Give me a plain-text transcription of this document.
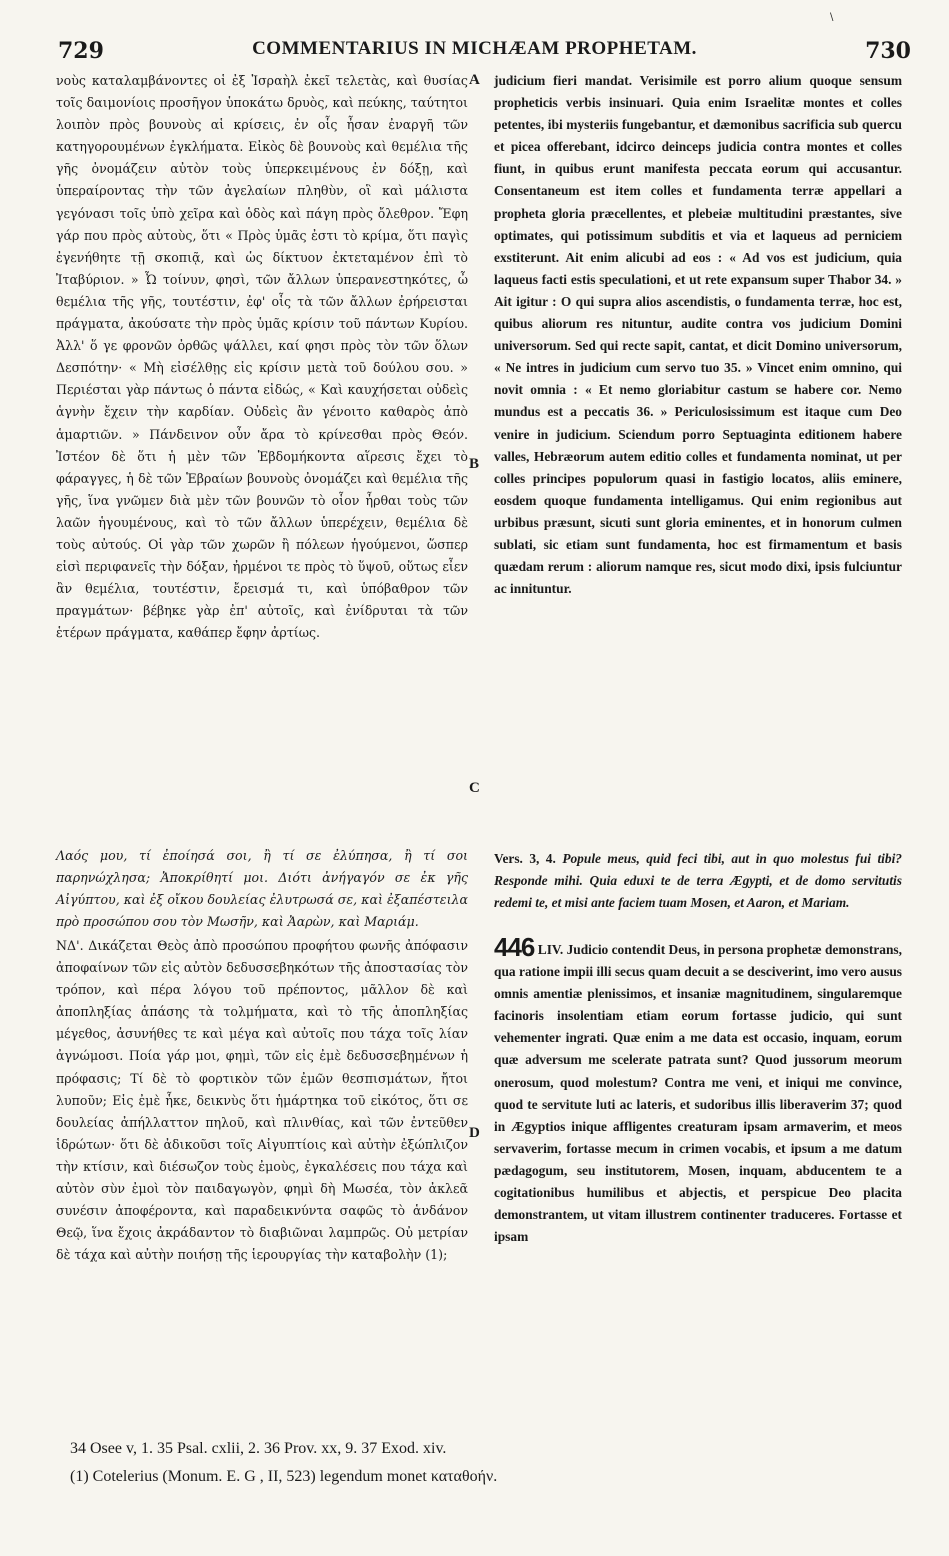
729	COMMENTARIUS IN MICHÆAM PROPHETAM.	730
\

νοὺς καταλαμβάνοντες οἱ ἐξ Ἰσραὴλ ἐκεῖ τελετὰς, καὶ θυσίας τοῖς δαιμονίοις προσῆγον ὑποκάτω δρυὸς, καὶ πεύκης, ταύτητοι λοιπὸν πρὸς βουνοὺς αἱ κρίσεις, ἐν οἷς ἦσαν ἐναργῆ τῶν κατηγορουμένων ἐγκλήματα. Εἰκὸς δὲ βουνοὺς καὶ θεμέλια τῆς γῆς ὀνομάζειν αὐτὸν τοὺς ὑπερκειμένους ἐν δόξῃ, καὶ ὑπεραίροντας τὴν τῶν ἀγελαίων πληθὺν, οἳ καὶ μάλιστα γεγόνασι τοῖς ὑπὸ χεῖρα καὶ ὁδὸς καὶ πάγη πρὸς ὄλεθρον. Ἔφη γάρ που πρὸς αὐτοὺς, ὅτι « Πρὸς ὑμᾶς ἐστι τὸ κρίμα, ὅτι παγὶς ἐγενήθητε τῇ σκοπιᾷ, καὶ ὡς δίκτυον ἐκτεταμένον ἐπὶ τὸ Ἰταβύριον. » Ὦ τοίνυν, φησὶ, τῶν ἄλλων ὑπερανεστηκότες, ὦ θεμέλια τῆς γῆς, τουτέστιν, ἐφ' οἷς τὰ τῶν ἄλλων ἐρήρεισται πράγματα, ἀκούσατε τὴν πρὸς ὑμᾶς κρίσιν τοῦ πάντων Κυρίου. Ἀλλ' ὅ γε φρονῶν ὀρθῶς ψάλλει, καί φησι πρὸς τὸν τῶν ὅλων Δεσπότην· « Μὴ εἰσέλθῃς εἰς κρίσιν μετὰ τοῦ δούλου σου. » Περιέσται γὰρ πάντως ὁ πάντα εἰδώς, « Καὶ καυχήσεται οὐδεὶς ἁγνὴν ἔχειν τὴν καρδίαν. Οὐδεὶς ἂν γένοιτο καθαρὸς ἀπὸ ἁμαρτιῶν. » Πάνδεινον οὖν ἄρα τὸ κρίνεσθαι πρὸς Θεόν. Ἰστέον δὲ ὅτι ἡ μὲν τῶν Ἑβδομήκοντα αἵρεσις ἔχει τὸ φάραγγες, ἡ δὲ τῶν Ἑβραίων βουνοὺς ὀνομάζει καὶ θεμέλια τῆς γῆς, ἵνα γνῶμεν διὰ μὲν τῶν βουνῶν τὸ οἷον ἦρθαι τοὺς τῶν λαῶν ἡγουμένους, καὶ τὸ τῶν ἄλλων ὑπερέχειν, θεμέλια δὲ τοὺς αὐτούς. Οἱ γὰρ τῶν χωρῶν ἢ πόλεων ἡγούμενοι, ὥσπερ εἰσὶ περιφανεῖς τὴν δόξαν, ἠρμένοι τε πρὸς τὸ ὕψοῦ, οὕτως εἶεν ἂν θεμέλια, τουτέστιν, ἔρεισμά τι, καὶ ὑπόβαθρον τῶν πραγμάτων· βέβηκε γὰρ ἐπ' αὐτοῖς, καὶ ἐνίδρυται τὰ τῶν ἑτέρων πράγματα, καθάπερ ἔφην ἀρτίως.

Λαός μου, τί ἐποίησά σοι, ἢ τί σε ἐλύπησα, ἢ τί σοι παρηνώχλησα; Ἀποκρίθητί μοι. Διότι ἀνήγαγόν σε ἐκ γῆς Αἰγύπτου, καὶ ἐξ οἴκου δουλείας ἐλυτρωσά σε, καὶ ἐξαπέστειλα πρὸ προσώπου σου τὸν Μωσῆν, καὶ Ἀαρὼν, καὶ Μαριάμ.

ΝΔ'. Δικάζεται Θεὸς ἀπὸ προσώπου προφήτου φωνῆς ἀπόφασιν ἀποφαίνων τῶν εἰς αὐτὸν δεδυσσεβηκότων τῆς ἀποστασίας τὸν τρόπον, καὶ πέρα λόγου τοῦ πρέποντος, μᾶλλον δὲ καὶ ἀποπληξίας ἁπάσης τὰ τολμήματα, καὶ τὸ τῆς ἀποπληξίας μέγεθος, ἀσυνήθες τε καὶ μέγα καὶ αὐτοῖς που τάχα τοῖς λίαν ἀγνώμοσι. Ποία γάρ μοι, φημὶ, τῶν εἰς ἐμὲ δεδυσσεβημένων ἡ πρόφασις; Τί δὲ τὸ φορτικὸν τῶν ἐμῶν θεσπισμάτων, ἤτοι λυποῦν; Εἰς ἐμὲ ἧκε, δεικνὺς ὅτι ἡμάρτηκα τοῦ εἰκότος, ὅτι σε δουλείας ἀπήλλαττον πηλοῦ, καὶ πλινθίας, καὶ τῶν ἐντεῦθεν ἱδρώτων· ὅτι δὲ ἀδικοῦσι τοῖς Αἰγυπτίοις καὶ αὐτὴν ἐξώπλιζον τὴν κτίσιν, καὶ διέσωζον τοὺς ἐμοὺς, ἐγκαλέσεις που τάχα καὶ αὐτὸν σὺν ἐμοὶ τὸν παιδαγωγὸν, φημὶ δὴ Μωσέα, τὸν ἀκλεᾶ συνέσιν ἀποφέροντα, καὶ παραδεικνύντα σαφῶς τὸ ἁνδάνον Θεῷ, ἵνα ἔχοις ἀκράδαντον τὸ διαβιῶναι λαμπρῶς. Οὐ μετρίαν δὲ τάχα καὶ αὐτὴν ποιήσῃ τῆς ἱερουργίας τὴν καταβολὴν (1);

judicium fieri mandat. Verisimile est porro alium quoque sensum propheticis verbis insinuari. Quia enim Israelitæ montes et colles petentes, ibi mysteriis fungebantur, et dæmonibus sacrificia sub quercu et picea offerebant, idcirco deinceps judicia contra montes et colles fiunt, in quibus erunt manifesta peccata eorum qui accusantur. Consentaneum est item colles et fundamenta terræ appellari a propheta gloria præcellentes, et plebeiæ multitudini præstantes, sive optimates, qui potissimum subditis et via et laqueus ad perniciem exstiterunt. Ait enim alicubi ad eos : « Ad vos est judicium, quia laqueus facti estis speculationi, et ut rete expansum super Thabor 34. » Ait igitur : O qui supra alios ascendistis, o fundamenta terræ, hoc est, quibus aliorum res nituntur, audite contra vos judicium Domini universorum. Sed qui recte sapit, cantat, et dicit Domino universorum, « Ne intres in judicium cum servo tuo 35. » Vincet enim omnino, qui novit omnia : « Et nemo gloriabitur castum se habere cor. Nemo mundus est a peccatis 36. » Periculosissimum est itaque cum Deo venire in judicium. Sciendum porro Septuaginta editionem habere valles, Hebræorum autem editio colles et fundamenta nominat, ut per colles principes populorum quasi in fastigio locatos, aliis eminere, eosdem quoque fundamenta intelligamus. Qui enim regionibus aut urbibus præsunt, sicuti sunt gloria eminentes, et in honorum culmen sublati, sic etiam sunt fundamenta, hoc est firmamentum et basis quædam rerum : aliorum namque res, sicut modo dixi, ipsis fulciuntur ac innituntur.

Vers. 3, 4. Popule meus, quid feci tibi, aut in quo molestus fui tibi? Responde mihi. Quia eduxi te de terra Ægypti, et de domo servitutis redemi te, et misi ante faciem tuam Mosen, et Aaron, et Mariam.

446 LIV. Judicio contendit Deus, in persona prophetæ demonstrans, qua ratione impii illi secus quam decuit a se desciverint, imo vero ausus omnis amentiæ plenissimos, et insaniæ magnitudinem, singularemque facinoris insolentiam etiam eorum fortasse judicio, qui sunt vehementer ingrati. Quæ enim a me data est occasio, inquam, eorum quæ adversum me scelerate patrata sunt? Quod jussorum meorum onerosum, quod molestum? Contra me veni, et iniqui me convince, quod te servitute luti ac lateris, et sudoribus illis liberaverim 37; quod in Ægyptios inique affligentes creaturam ipsam armaverim, et meos servaverim, fortasse mecum in crimen vocabis, et ipsum a me datum pædagogum, seu institutorem, Mosen, inquam, abducentem te a cogitationibus humilibus et abjectis, et perspicue Deo placita demonstrantem, ut vitam illustrem continenter traduceres. Fortasse et ipsam

A
B
C
D
34 Osee v, 1. 35 Psal. cxlii, 2. 36 Prov. xx, 9. 37 Exod. xiv.
(1) Cotelerius (Monum. E. G , II, 523) legendum monet καταθοήν.
